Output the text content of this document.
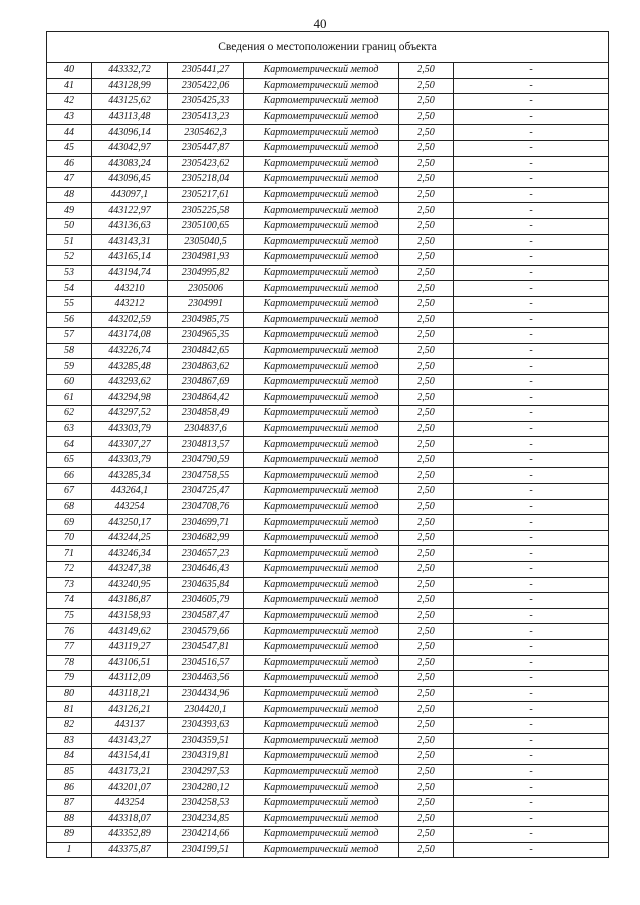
40
Сведения о местоположении границ объекта					
40	443332,72	2305441,27	Картометрический метод	2,50	-
41	443128,99	2305422,06	Картометрический метод	2,50	-
42	443125,62	2305425,33	Картометрический метод	2,50	-
43	443113,48	2305413,23	Картометрический метод	2,50	-
44	443096,14	2305462,3	Картометрический метод	2,50	-
45	443042,97	2305447,87	Картометрический метод	2,50	-
46	443083,24	2305423,62	Картометрический метод	2,50	-
47	443096,45	2305218,04	Картометрический метод	2,50	-
48	443097,1	2305217,61	Картометрический метод	2,50	-
49	443122,97	2305225,58	Картометрический метод	2,50	-
50	443136,63	2305100,65	Картометрический метод	2,50	-
51	443143,31	2305040,5	Картометрический метод	2,50	-
52	443165,14	2304981,93	Картометрический метод	2,50	-
53	443194,74	2304995,82	Картометрический метод	2,50	-
54	443210	2305006	Картометрический метод	2,50	-
55	443212	2304991	Картометрический метод	2,50	-
56	443202,59	2304985,75	Картометрический метод	2,50	-
57	443174,08	2304965,35	Картометрический метод	2,50	-
58	443226,74	2304842,65	Картометрический метод	2,50	-
59	443285,48	2304863,62	Картометрический метод	2,50	-
60	443293,62	2304867,69	Картометрический метод	2,50	-
61	443294,98	2304864,42	Картометрический метод	2,50	-
62	443297,52	2304858,49	Картометрический метод	2,50	-
63	443303,79	2304837,6	Картометрический метод	2,50	-
64	443307,27	2304813,57	Картометрический метод	2,50	-
65	443303,79	2304790,59	Картометрический метод	2,50	-
66	443285,34	2304758,55	Картометрический метод	2,50	-
67	443264,1	2304725,47	Картометрический метод	2,50	-
68	443254	2304708,76	Картометрический метод	2,50	-
69	443250,17	2304699,71	Картометрический метод	2,50	-
70	443244,25	2304682,99	Картометрический метод	2,50	-
71	443246,34	2304657,23	Картометрический метод	2,50	-
72	443247,38	2304646,43	Картометрический метод	2,50	-
73	443240,95	2304635,84	Картометрический метод	2,50	-
74	443186,87	2304605,79	Картометрический метод	2,50	-
75	443158,93	2304587,47	Картометрический метод	2,50	-
76	443149,62	2304579,66	Картометрический метод	2,50	-
77	443119,27	2304547,81	Картометрический метод	2,50	-
78	443106,51	2304516,57	Картометрический метод	2,50	-
79	443112,09	2304463,56	Картометрический метод	2,50	-
80	443118,21	2304434,96	Картометрический метод	2,50	-
81	443126,21	2304420,1	Картометрический метод	2,50	-
82	443137	2304393,63	Картометрический метод	2,50	-
83	443143,27	2304359,51	Картометрический метод	2,50	-
84	443154,41	2304319,81	Картометрический метод	2,50	-
85	443173,21	2304297,53	Картометрический метод	2,50	-
86	443201,07	2304280,12	Картометрический метод	2,50	-
87	443254	2304258,53	Картометрический метод	2,50	-
88	443318,07	2304234,85	Картометрический метод	2,50	-
89	443352,89	2304214,66	Картометрический метод	2,50	-
1	443375,87	2304199,51	Картометрический метод	2,50	-
